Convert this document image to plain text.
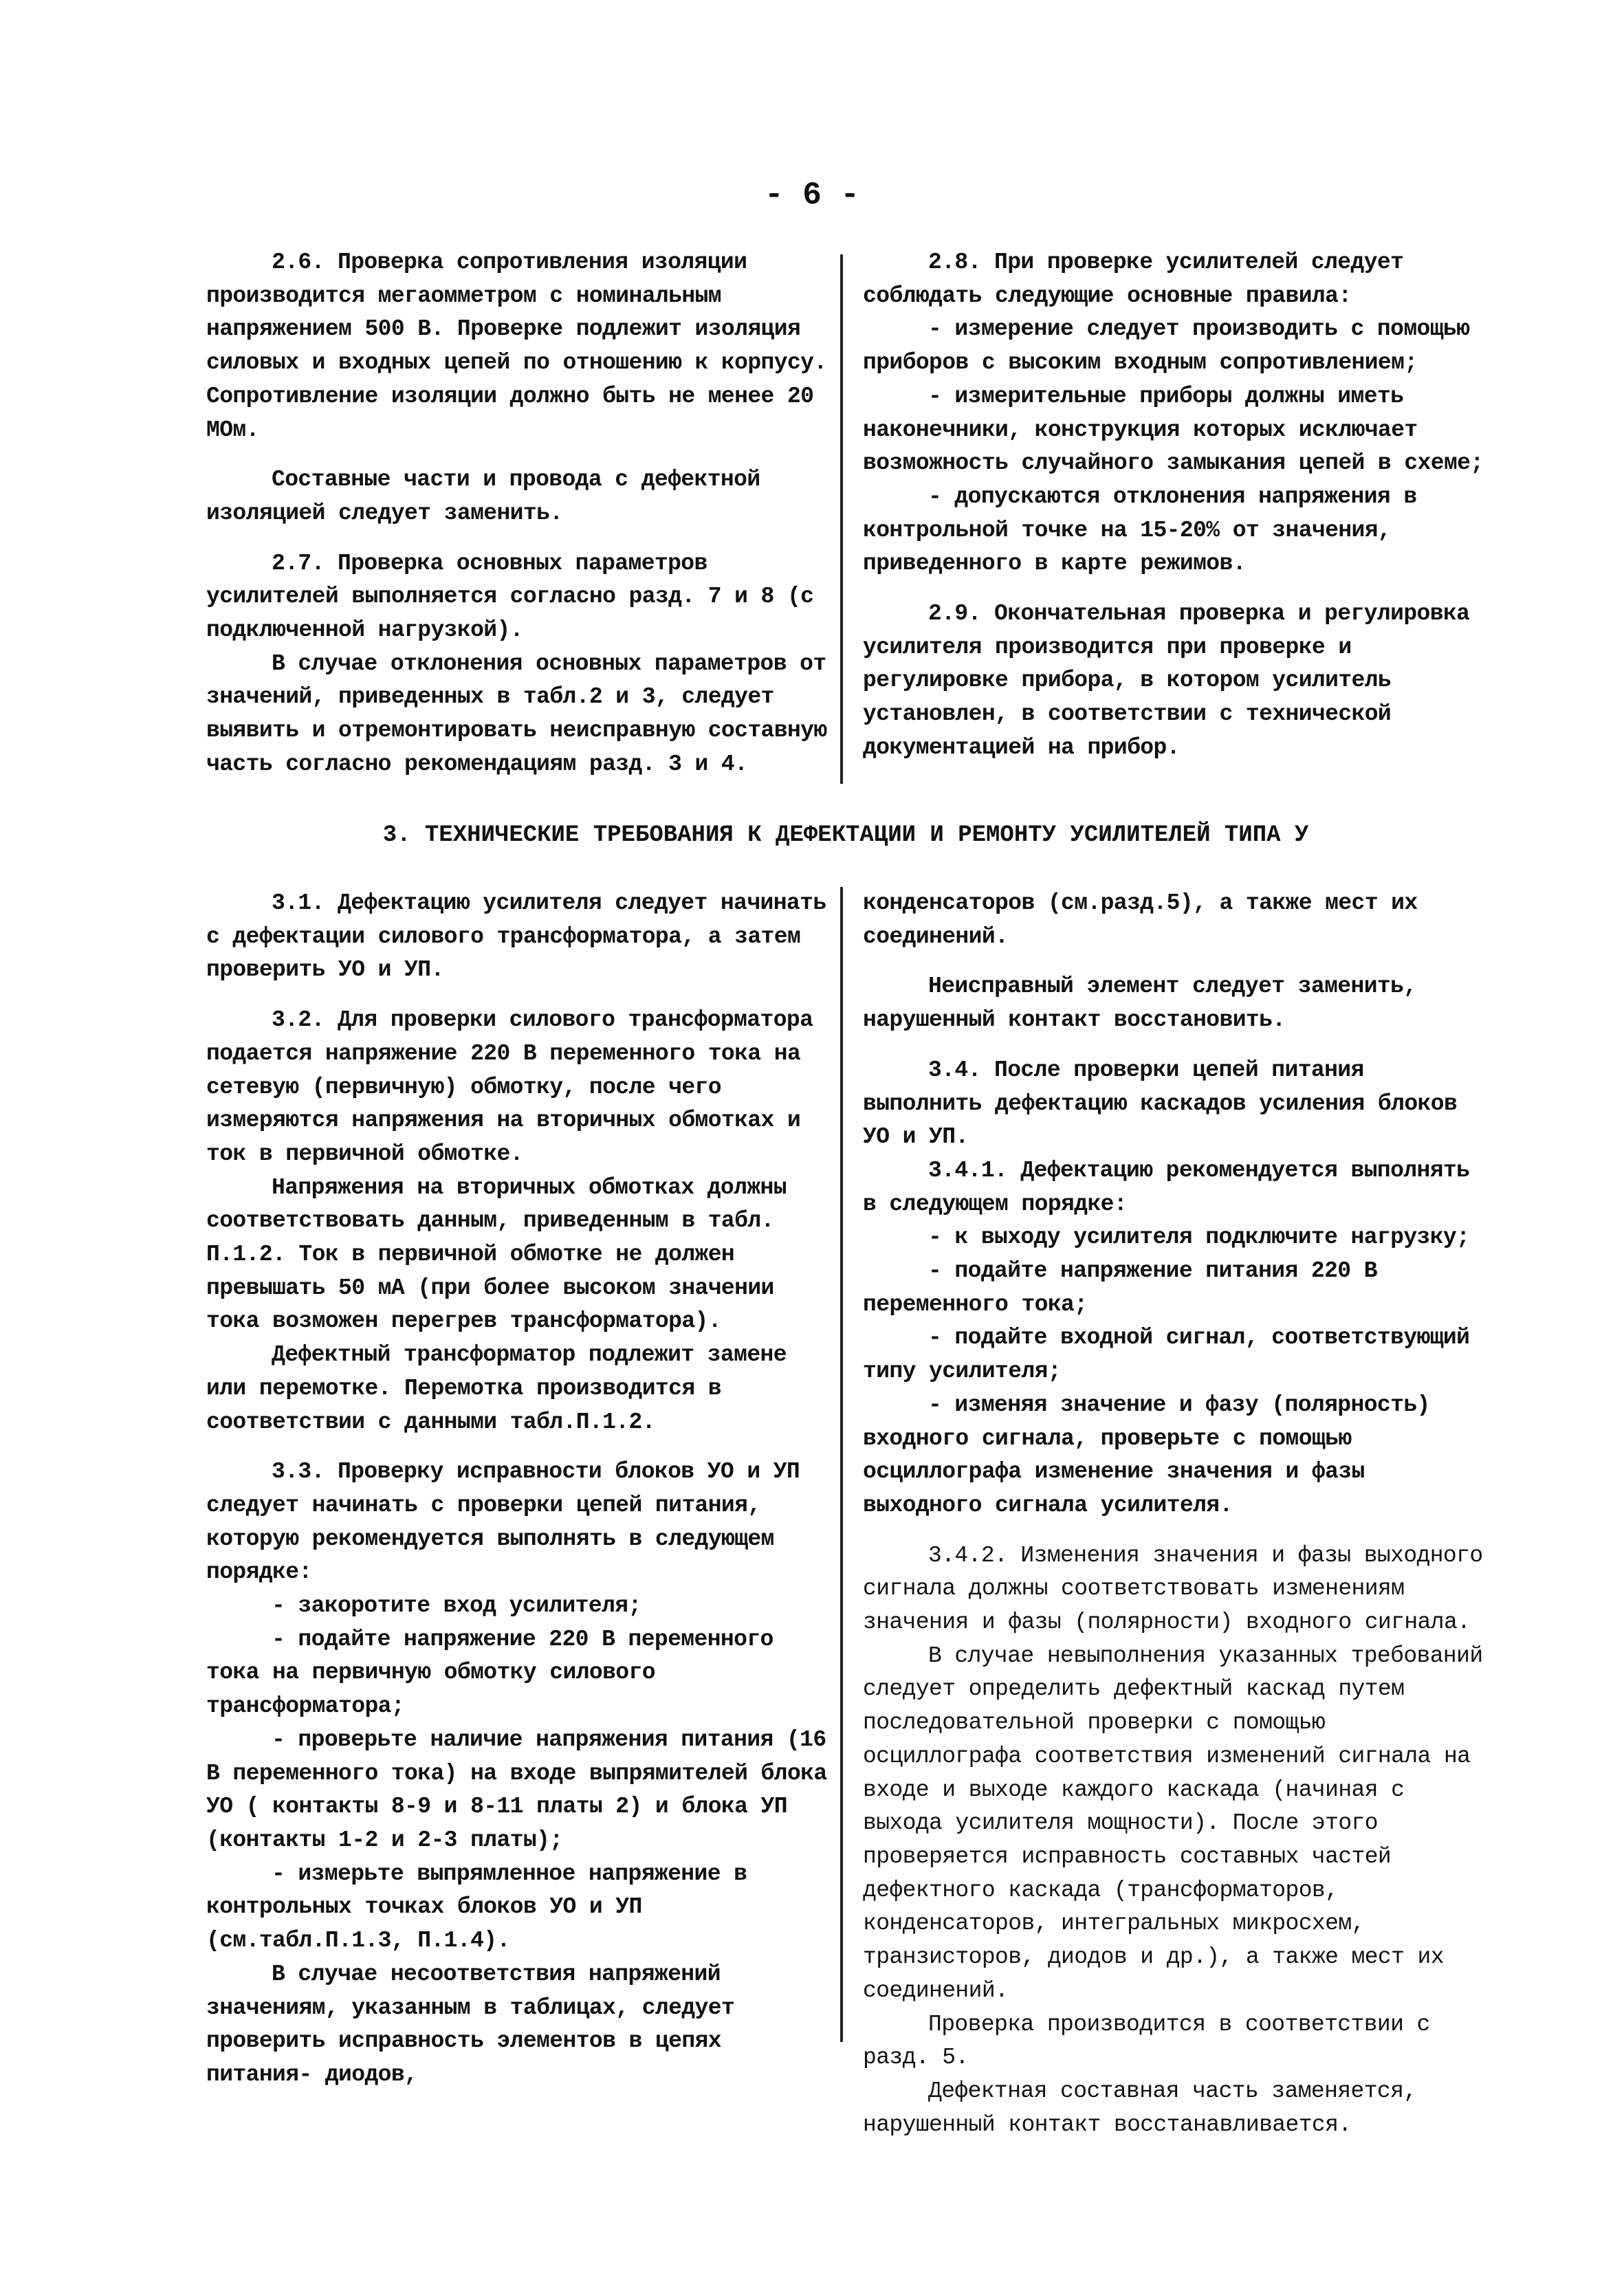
- 6 -

2.6. Проверка сопротивления изоляции производится мегаомметром с номинальным напряжением 500 В. Проверке подлежит изоляция силовых и входных цепей по отношению к корпусу. Сопротивление изоляции должно быть не менее 20 МОм.

Составные части и провода с дефектной изоляцией следует заменить.

2.7. Проверка основных параметров усилителей выполняется согласно разд. 7 и 8 (с подключенной нагрузкой).

В случае отклонения основных параметров от значений, приведенных в табл.2 и 3, следует выявить и отремонтировать неисправную составную часть согласно рекомендациям разд. 3 и 4.

2.8. При проверке усилителей следует соблюдать следующие основные правила:

- измерение следует производить с помощью приборов с высоким входным сопротивлением;

- измерительные приборы должны иметь наконечники, конструкция которых исключает возможность случайного замыкания цепей в схеме;

- допускаются отклонения напряжения в контрольной точке на 15-20% от значения, приведенного в карте режимов.

2.9. Окончательная проверка и регулировка усилителя производится при проверке и регулировке прибора, в котором усилитель установлен, в соответствии с технической документацией на прибор.

3. ТЕХНИЧЕСКИЕ ТРЕБОВАНИЯ К ДЕФЕКТАЦИИ И РЕМОНТУ УСИЛИТЕЛЕЙ ТИПА У

3.1. Дефектацию усилителя следует начинать с дефектации силового трансформатора, а затем проверить УО и УП.

3.2. Для проверки силового трансформатора подается напряжение 220 В переменного тока на сетевую (первичную) обмотку, после чего измеряются напряжения на вторичных обмотках и ток в первичной обмотке.

Напряжения на вторичных обмотках должны соответствовать данным, приведенным в табл. П.1.2. Ток в первичной обмотке не должен превышать 50 мА (при более высоком значении тока возможен перегрев трансформатора).

Дефектный трансформатор подлежит замене или перемотке. Перемотка производится в соответствии с данными табл.П.1.2.

3.3. Проверку исправности блоков УО и УП следует начинать с проверки цепей питания, которую рекомендуется выполнять в следующем порядке:

- закоротите вход усилителя;

- подайте напряжение 220 В переменного тока на первичную обмотку силового трансформатора;

- проверьте наличие напряжения питания (16 В переменного тока) на входе выпрямителей блока УО ( контакты 8-9 и 8-11 платы 2) и блока УП (контакты 1-2 и 2-3 платы);

- измерьте выпрямленное напряжение в контрольных точках блоков УО и УП (см.табл.П.1.3, П.1.4).

В случае несоответствия напряжений значениям, указанным в таблицах, следует проверить исправность элементов в цепях питания- диодов,

конденсаторов (см.разд.5), а также мест их соединений.

Неисправный элемент следует заменить, нарушенный контакт восстановить.

3.4. После проверки цепей питания выполнить дефектацию каскадов усиления блоков УО и УП.

3.4.1. Дефектацию рекомендуется выполнять в следующем порядке:

- к выходу усилителя подключите нагрузку;

- подайте напряжение питания 220 В переменного тока;

- подайте входной сигнал, соответствующий типу усилителя;

- изменяя значение и фазу (полярность) входного сигнала, проверьте с помощью осциллографа изменение значения и фазы выходного сигнала усилителя.

3.4.2. Изменения значения и фазы выходного сигнала должны соответствовать изменениям значения и фазы (полярности) входного сигнала.

В случае невыполнения указанных требований следует определить дефектный каскад путем последовательной проверки с помощью осциллографа соответствия изменений сигнала на входе и выходе каждого каскада (начиная с выхода усилителя мощности). После этого проверяется исправность составных частей дефектного каскада (трансформаторов, конденсаторов, интегральных микросхем, транзисторов, диодов и др.), а также мест их соединений.

Проверка производится в соответствии с разд. 5.

Дефектная составная часть заменяется, нарушенный контакт восстанавливается.
